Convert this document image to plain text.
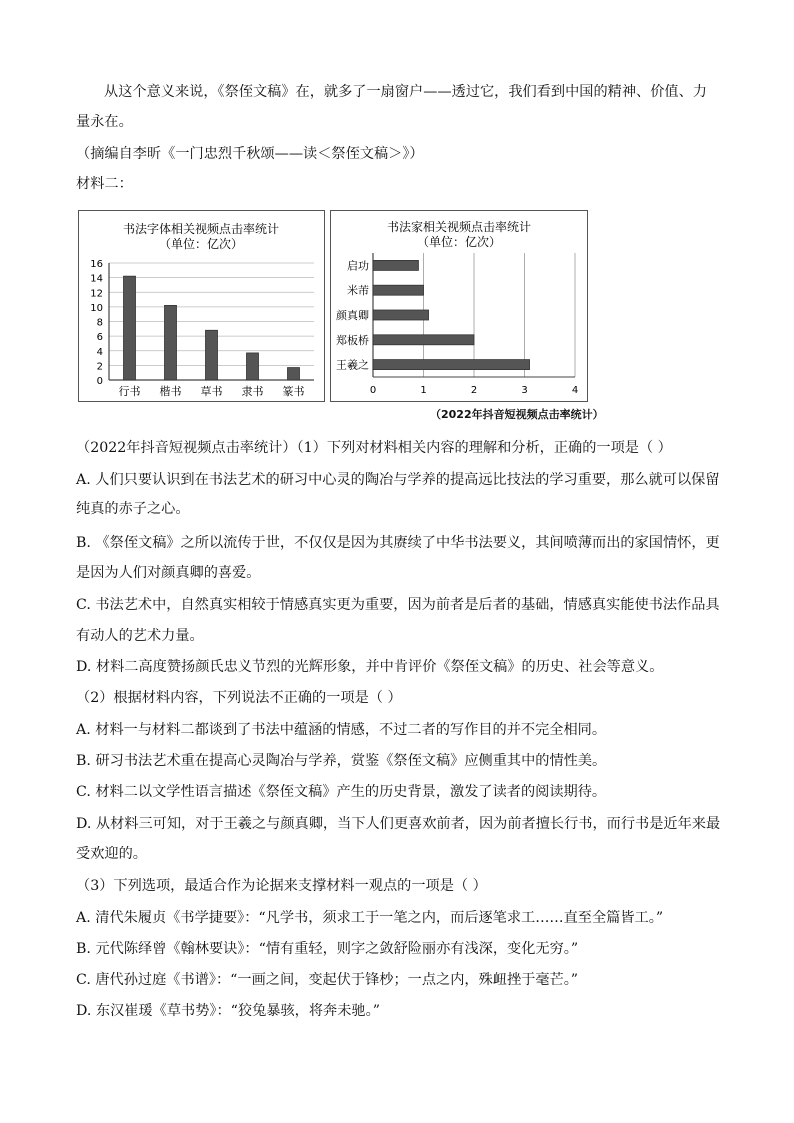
从这个意义来说，《祭侄文稿》在，就多了一扇窗户——透过它，我们看到中国的精神、价值、力
量永在。
（摘编自李昕《一门忠烈千秋颂——读＜祭侄文稿＞》）
材料二：
书法字体相关视频点击率统计
（单位：亿次）
0
2
4
6
8
10
12
14
16
行书 楷书 草书 隶书 篆书
书法家相关视频点击率统计
（单位：亿次）
0	1	2	3	4
启功
米芾
颜真卿
郑板桥
王羲之
（2022年抖音短视频点击率统计）
（2022年抖音短视频点击率统计）（1）下列对材料相关内容的理解和分析，正确的一项是（ ）
A. 人们只要认识到在书法艺术的研习中心灵的陶冶与学养的提高远比技法的学习重要，那么就可以保留
纯真的赤子之心。
B. 《祭侄文稿》之所以流传于世，不仅仅是因为其赓续了中华书法要义，其间喷薄而出的家国情怀，更
是因为人们对颜真卿的喜爱。
C. 书法艺术中，自然真实相较于情感真实更为重要，因为前者是后者的基础，情感真实能使书法作品具
有动人的艺术力量。
D. 材料二高度赞扬颜氏忠义节烈的光辉形象，并中肯评价《祭侄文稿》的历史、社会等意义。
（2）根据材料内容，下列说法不正确的一项是（ ）
A. 材料一与材料二都谈到了书法中蕴涵的情感，不过二者的写作目的并不完全相同。
B. 研习书法艺术重在提高心灵陶冶与学养，赏鉴《祭侄文稿》应侧重其中的情性美。
C. 材料二以文学性语言描述《祭侄文稿》产生的历史背景，激发了读者的阅读期待。
D. 从材料三可知，对于王羲之与颜真卿，当下人们更喜欢前者，因为前者擅长行书，而行书是近年来最
受欢迎的。
（3）下列选项，最适合作为论据来支撑材料一观点的一项是（ ）
A. 清代朱履贞《书学捷要》：“凡学书，须求工于一笔之内，而后逐笔求工……直至全篇皆工。”
B. 元代陈绎曾《翰林要诀》：“情有重轻，则字之敛舒险丽亦有浅深，变化无穷。”
C. 唐代孙过庭《书谱》：“一画之间，变起伏于锋杪；一点之内，殊衄挫于毫芒。”
D. 东汉崔瑗《草书势》：“狡兔暴骇，将奔未驰。”
